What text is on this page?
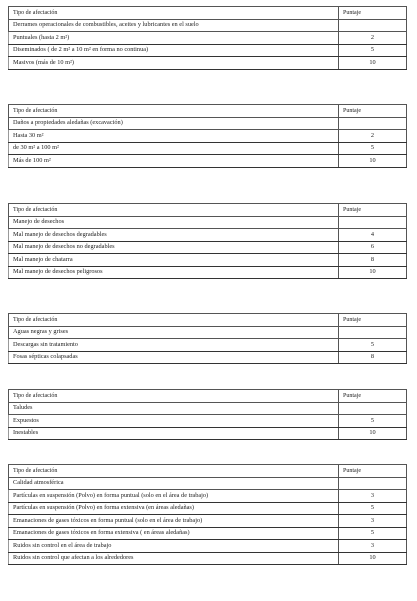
Tipo de afectación	Puntaje
Derrames operacionales de combustibles, aceites y lubricantes en el suelo	
Puntuales (hasta 2 m²)	2
Diseminados ( de 2 m² a 10 m² en forma no continua)	5
Masivos (más de 10 m²)	10
Tipo de afectación	Puntaje
Daños a propiedades aledañas (excavación)	
Hasta 30 m²	2
de 30 m² a 100 m²	5
Más de 100 m²	10
Tipo de afectación	Puntaje
Manejo de desechos	
Mal manejo de desechos degradables	4
Mal manejo de desechos no degradables	6
Mal manejo de chatarra	8
Mal manejo de desechos peligrosos	10
Tipo de afectación	Puntaje
Aguas negras y grises	
Descargas sin tratamiento	5
Fosas sépticas colapsadas	8
Tipo de afectación	Puntaje
Taludes	
Expuestos	5
Inestables	10
Tipo de afectación	Puntaje
Calidad atmosférica	
Partículas en suspensión (Polvo) en forma puntual (solo en el área de trabajo)	3
Partículas en suspensión (Polvo) en forma extensiva (en áreas aledañas)	5
Emanaciones de gases tóxicos en forma puntual (solo en el área de trabajo)	3
Emanaciones de gases tóxicos en forma extensiva ( en áreas aledañas)	5
Ruidos sin control en el área de trabajo	3
Ruidos sin control que afectan a los alrededores	10
